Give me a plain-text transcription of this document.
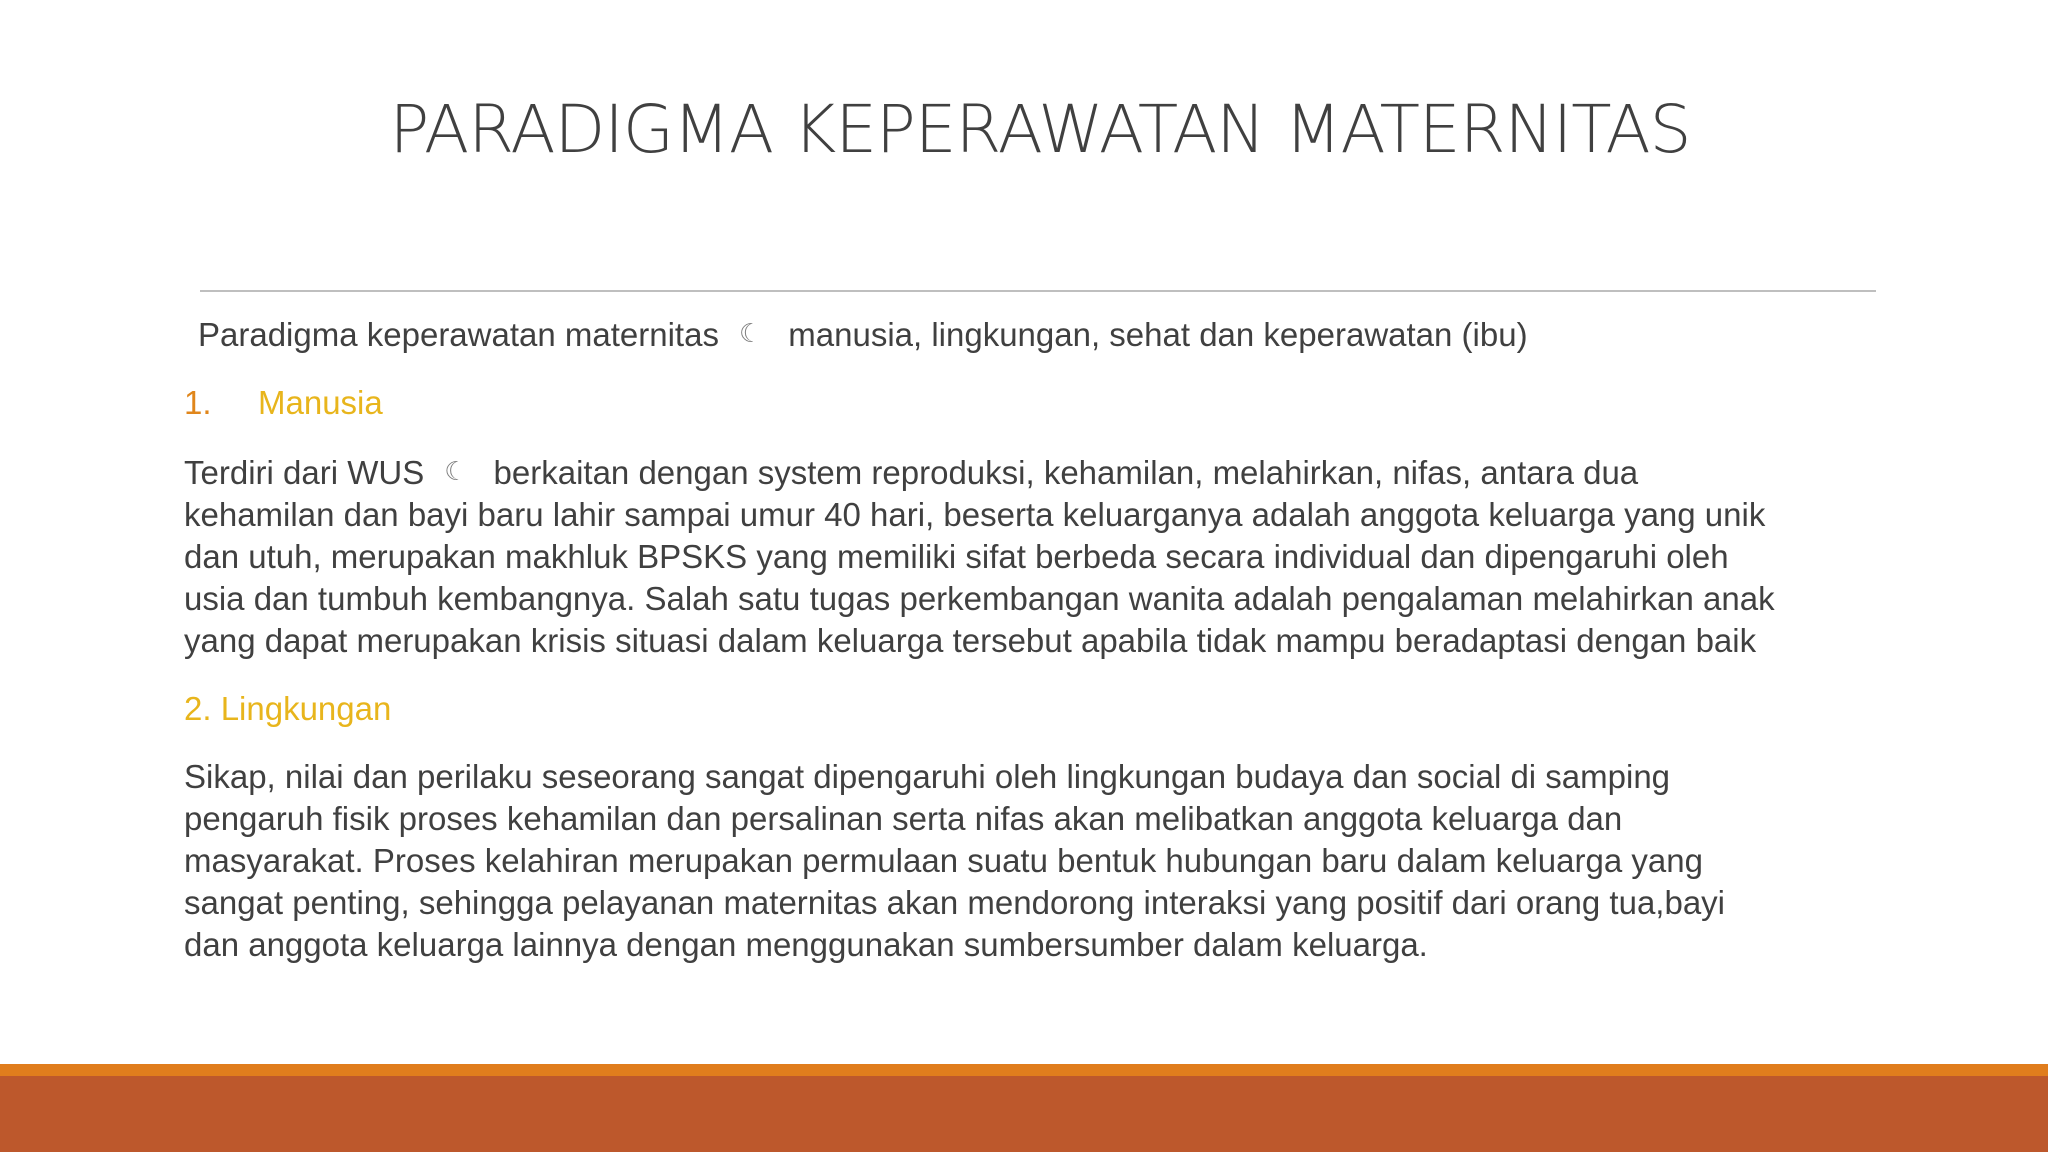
PARADIGMA KEPERAWATAN MATERNITAS
Paradigma keperawatan maternitas ☾ manusia, lingkungan, sehat dan keperawatan (ibu)
1. Manusia
Terdiri dari WUS ☾ berkaitan dengan system reproduksi, kehamilan, melahirkan, nifas, antara dua
kehamilan dan bayi baru lahir sampai umur 40 hari, beserta keluarganya adalah anggota keluarga yang unik
dan utuh, merupakan makhluk BPSKS yang memiliki sifat berbeda secara individual dan dipengaruhi oleh
usia dan tumbuh kembangnya. Salah satu tugas perkembangan wanita adalah pengalaman melahirkan anak
yang dapat merupakan krisis situasi dalam keluarga tersebut apabila tidak mampu beradaptasi dengan baik
2. Lingkungan
Sikap, nilai dan perilaku seseorang sangat dipengaruhi oleh lingkungan budaya dan social di samping
pengaruh fisik proses kehamilan dan persalinan serta nifas akan melibatkan anggota keluarga dan
masyarakat. Proses kelahiran merupakan permulaan suatu bentuk hubungan baru dalam keluarga yang
sangat penting, sehingga pelayanan maternitas akan mendorong interaksi yang positif dari orang tua,bayi
dan anggota keluarga lainnya dengan menggunakan sumbersumber dalam keluarga.
